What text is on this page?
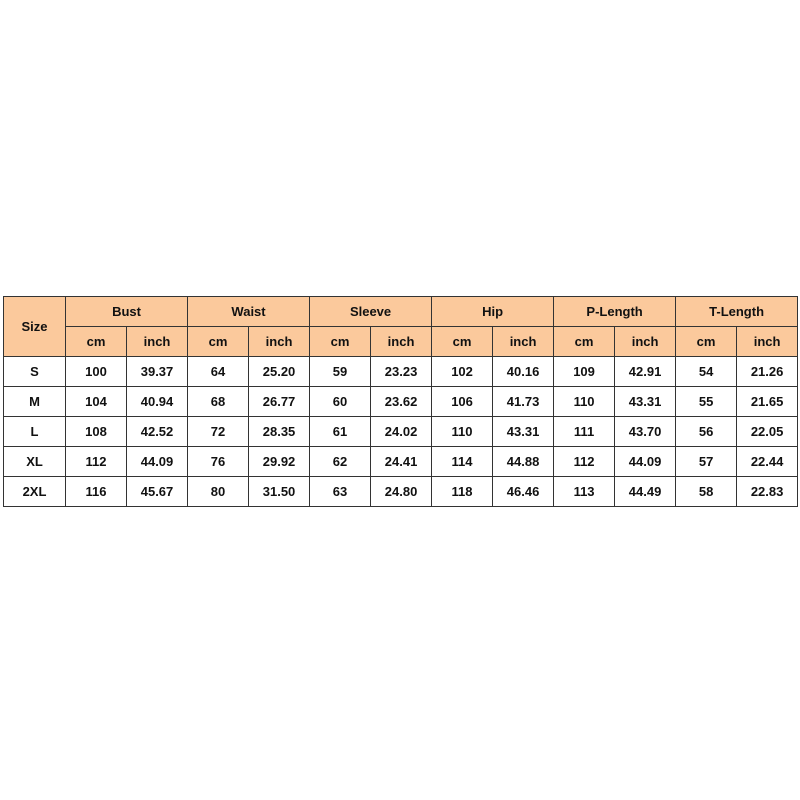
Size	Bust		Waist		Sleeve		Hip		P-Length		T-Length	
	cm	inch	cm	inch	cm	inch	cm	inch	cm	inch	cm	inch
S	100	39.37	64	25.20	59	23.23	102	40.16	109	42.91	54	21.26
M	104	40.94	68	26.77	60	23.62	106	41.73	110	43.31	55	21.65
L	108	42.52	72	28.35	61	24.02	110	43.31	111	43.70	56	22.05
XL	112	44.09	76	29.92	62	24.41	114	44.88	112	44.09	57	22.44
2XL	116	45.67	80	31.50	63	24.80	118	46.46	113	44.49	58	22.83
